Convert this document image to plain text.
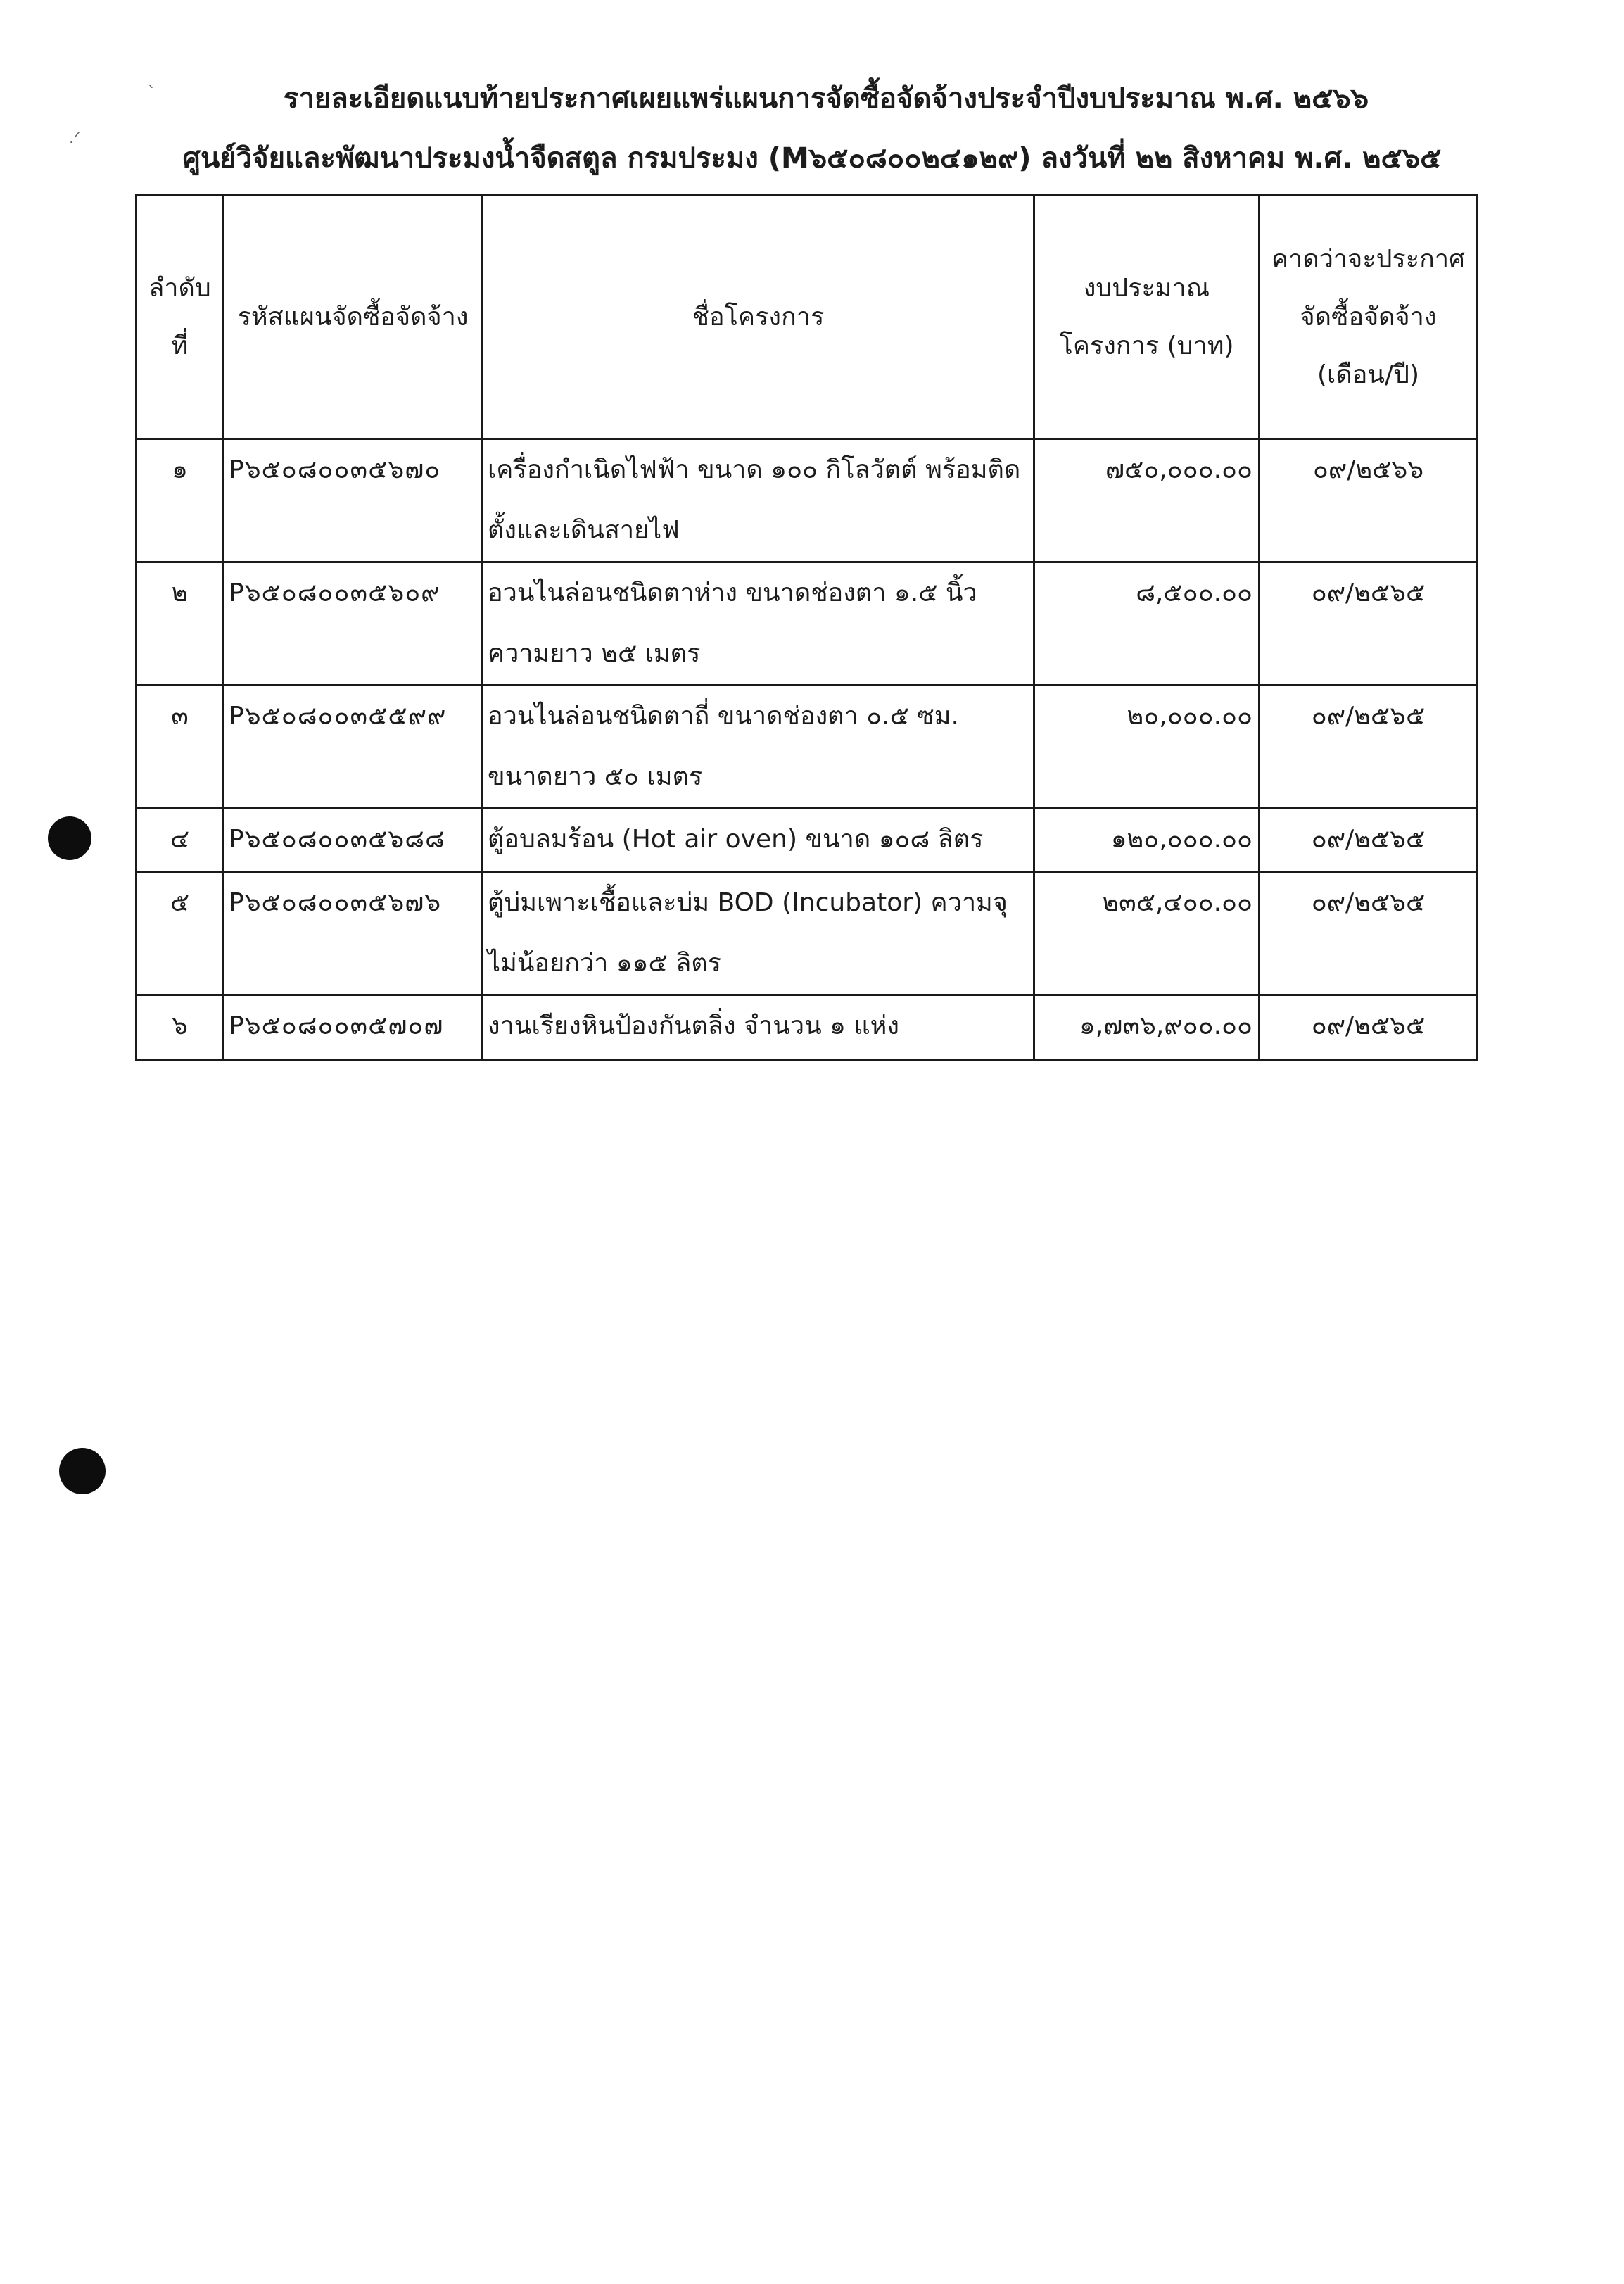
รายละเอียดแนบท้ายประกาศเผยแพร่แผนการจัดซื้อจัดจ้างประจำปีงบประมาณ พ.ศ. ๒๕๖๖
ศูนย์วิจัยและพัฒนาประมงน้ำจืดสตูล กรมประมง (M๖๕๐๘๐๐๒๔๑๒๙) ลงวันที่ ๒๒ สิงหาคม พ.ศ. ๒๕๖๕
ลำดับที่	รหัสแผนจัดซื้อจัดจ้าง	ชื่อโครงการ	งบประมาณโครงการ (บาท)	คาดว่าจะประกาศจัดซื้อจัดจ้าง (เดือน/ปี)
๑	P๖๕๐๘๐๐๓๕๖๗๐	เครื่องกำเนิดไฟฟ้า ขนาด ๑๐๐ กิโลวัตต์ พร้อมติดตั้งและเดินสายไฟ	๗๕๐,๐๐๐.๐๐	๐๙/๒๕๖๖
๒	P๖๕๐๘๐๐๓๕๖๐๙	อวนไนล่อนชนิดตาห่าง ขนาดช่องตา ๑.๕ นิ้ว ความยาว ๒๕ เมตร	๘,๕๐๐.๐๐	๐๙/๒๕๖๕
๓	P๖๕๐๘๐๐๓๕๕๙๙	อวนไนล่อนชนิดตาถี่ ขนาดช่องตา ๐.๕ ซม. ขนาดยาว ๕๐ เมตร	๒๐,๐๐๐.๐๐	๐๙/๒๕๖๕
๔	P๖๕๐๘๐๐๓๕๖๘๘	ตู้อบลมร้อน (Hot air oven) ขนาด ๑๐๘ ลิตร	๑๒๐,๐๐๐.๐๐	๐๙/๒๕๖๕
๕	P๖๕๐๘๐๐๓๕๖๗๖	ตู้บ่มเพาะเชื้อและบ่ม BOD (Incubator) ความจุไม่น้อยกว่า ๑๑๕ ลิตร	๒๓๕,๔๐๐.๐๐	๐๙/๒๕๖๕
๖	P๖๕๐๘๐๐๓๕๗๐๗	งานเรียงหินป้องกันตลิ่ง จำนวน ๑ แห่ง	๑,๗๓๖,๙๐๐.๐๐	๐๙/๒๕๖๕
`
.ᐟ
